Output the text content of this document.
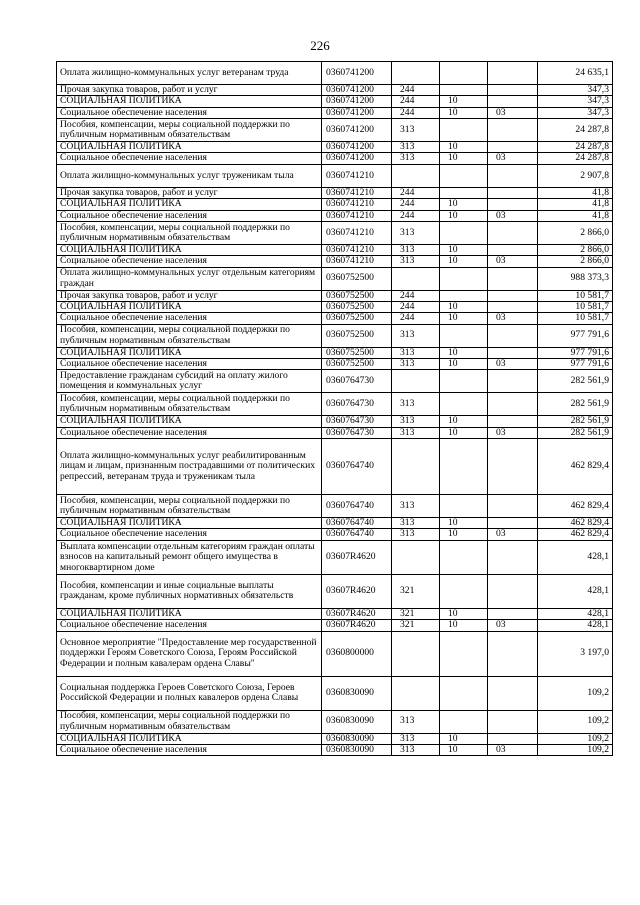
226
Оплата жилищно-коммунальных услуг ветеранам труда	0360741200				24 635,1
Прочая закупка товаров, работ и услуг	0360741200	244			347,3
СОЦИАЛЬНАЯ ПОЛИТИКА	0360741200	244	10		347,3
Социальное обеспечение населения	0360741200	244	10	03	347,3
Пособия, компенсации, меры социальной поддержки по публичным нормативным обязательствам	0360741200	313			24 287,8
СОЦИАЛЬНАЯ ПОЛИТИКА	0360741200	313	10		24 287,8
Социальное обеспечение населения	0360741200	313	10	03	24 287,8
Оплата жилищно-коммунальных услуг труженикам тыла	0360741210				2 907,8
Прочая закупка товаров, работ и услуг	0360741210	244			41,8
СОЦИАЛЬНАЯ ПОЛИТИКА	0360741210	244	10		41,8
Социальное обеспечение населения	0360741210	244	10	03	41,8
Пособия, компенсации, меры социальной поддержки по публичным нормативным обязательствам	0360741210	313			2 866,0
СОЦИАЛЬНАЯ ПОЛИТИКА	0360741210	313	10		2 866,0
Социальное обеспечение населения	0360741210	313	10	03	2 866,0
Оплата жилищно-коммунальных услуг отдельным категориям граждан	0360752500				988 373,3
Прочая закупка товаров, работ и услуг	0360752500	244			10 581,7
СОЦИАЛЬНАЯ ПОЛИТИКА	0360752500	244	10		10 581,7
Социальное обеспечение населения	0360752500	244	10	03	10 581,7
Пособия, компенсации, меры социальной поддержки по публичным нормативным обязательствам	0360752500	313			977 791,6
СОЦИАЛЬНАЯ ПОЛИТИКА	0360752500	313	10		977 791,6
Социальное обеспечение населения	0360752500	313	10	03	977 791,6
Предоставление гражданам субсидий на оплату жилого помещения и коммунальных услуг	0360764730				282 561,9
Пособия, компенсации, меры социальной поддержки по публичным нормативным обязательствам	0360764730	313			282 561,9
СОЦИАЛЬНАЯ ПОЛИТИКА	0360764730	313	10		282 561,9
Социальное обеспечение населения	0360764730	313	10	03	282 561,9
Оплата жилищно-коммунальных услуг реабилитированным лицам и лицам, признанным пострадавшими от политических репрессий, ветеранам труда и труженикам тыла	0360764740				462 829,4
Пособия, компенсации, меры социальной поддержки по публичным нормативным обязательствам	0360764740	313			462 829,4
СОЦИАЛЬНАЯ ПОЛИТИКА	0360764740	313	10		462 829,4
Социальное обеспечение населения	0360764740	313	10	03	462 829,4
Выплата компенсации отдельным категориям граждан оплаты взносов на капитальный ремонт общего имущества в многоквартирном доме	03607R4620				428,1
Пособия, компенсации и иные социальные выплаты гражданам, кроме публичных нормативных обязательств	03607R4620	321			428,1
СОЦИАЛЬНАЯ ПОЛИТИКА	03607R4620	321	10		428,1
Социальное обеспечение населения	03607R4620	321	10	03	428,1
Основное мероприятие "Предоставление мер государственной поддержки Героям Советского Союза, Героям Российской Федерации и полным кавалерам ордена Славы"	0360800000				3 197,0
Социальная поддержка Героев Советского Союза, Героев Российской Федерации и полных кавалеров ордена Славы	0360830090				109,2
Пособия, компенсации, меры социальной поддержки по публичным нормативным обязательствам	0360830090	313			109,2
СОЦИАЛЬНАЯ ПОЛИТИКА	0360830090	313	10		109,2
Социальное обеспечение населения	0360830090	313	10	03	109,2
